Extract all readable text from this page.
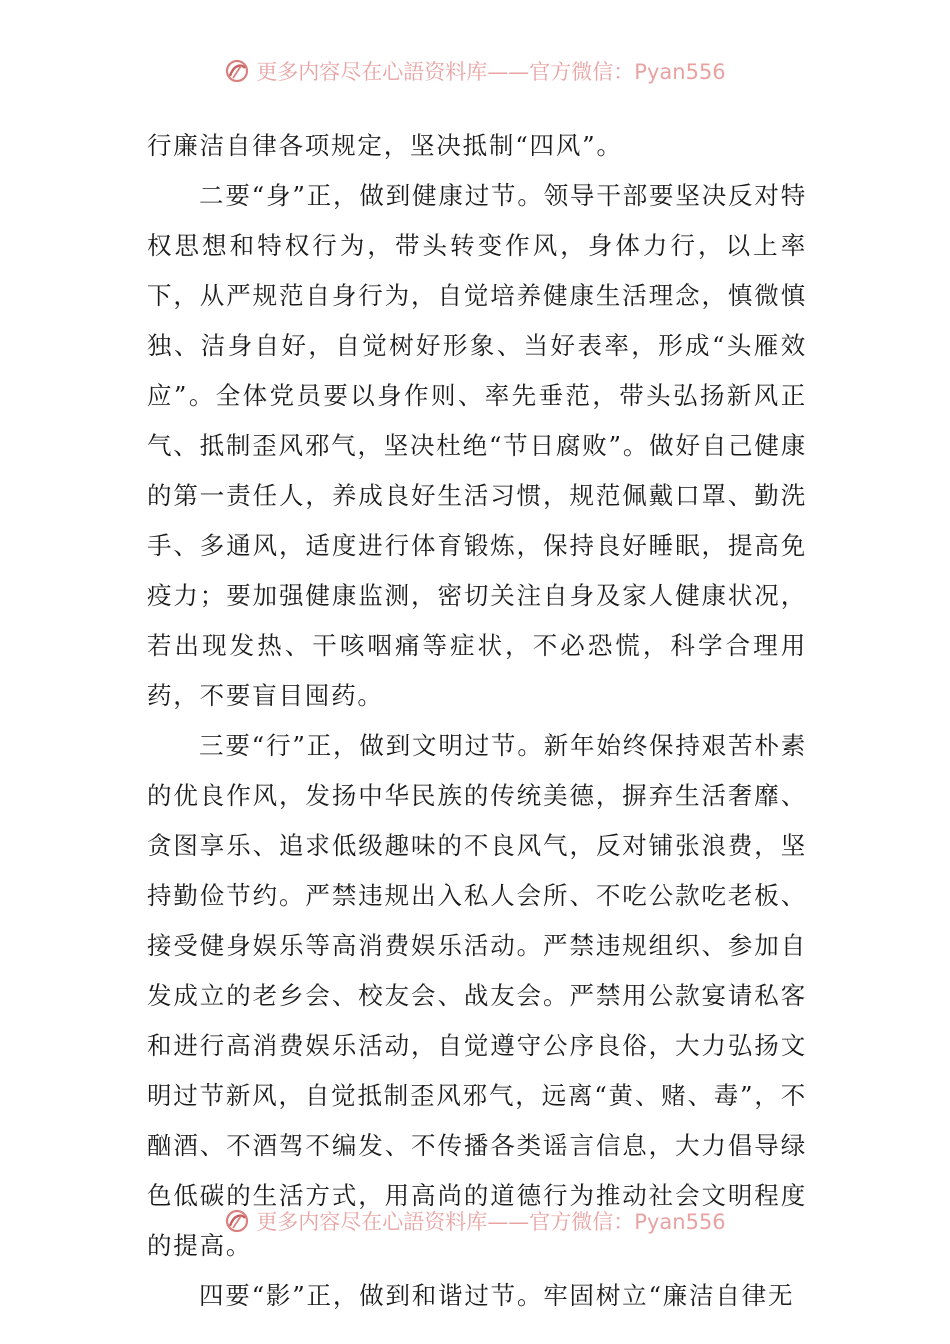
更多内容尽在心語资料库——官方微信：Pyan556

行廉洁自律各项规定，坚决抵制“四风”。

二要“身”正，做到健康过节。领导干部要坚决反对特权思想和特权行为，带头转变作风，身体力行，以上率下，从严规范自身行为，自觉培养健康生活理念，慎微慎独、洁身自好，自觉树好形象、当好表率，形成“头雁效应”。全体党员要以身作则、率先垂范，带头弘扬新风正气、抵制歪风邪气，坚决杜绝“节日腐败”。做好自己健康的第一责任人，养成良好生活习惯，规范佩戴口罩、勤洗手、多通风，适度进行体育锻炼，保持良好睡眠，提高免疫力；要加强健康监测，密切关注自身及家人健康状况，若出现发热、干咳咽痛等症状，不必恐慌，科学合理用药，不要盲目囤药。

三要“行”正，做到文明过节。新年始终保持艰苦朴素的优良作风，发扬中华民族的传统美德，摒弃生活奢靡、贪图享乐、追求低级趣味的不良风气，反对铺张浪费，坚持勤俭节约。严禁违规出入私人会所、不吃公款吃老板、接受健身娱乐等高消费娱乐活动。严禁违规组织、参加自发成立的老乡会、校友会、战友会。严禁用公款宴请私客和进行高消费娱乐活动，自觉遵守公序良俗，大力弘扬文明过节新风，自觉抵制歪风邪气，远离“黄、赌、毒”，不酗酒、不酒驾不编发、不传播各类谣言信息，大力倡导绿色低碳的生活方式，用高尚的道德行为推动社会文明程度的提高。

四要“影”正，做到和谐过节。牢固树立“廉洁自律无

更多内容尽在心語资料库——官方微信：Pyan556
